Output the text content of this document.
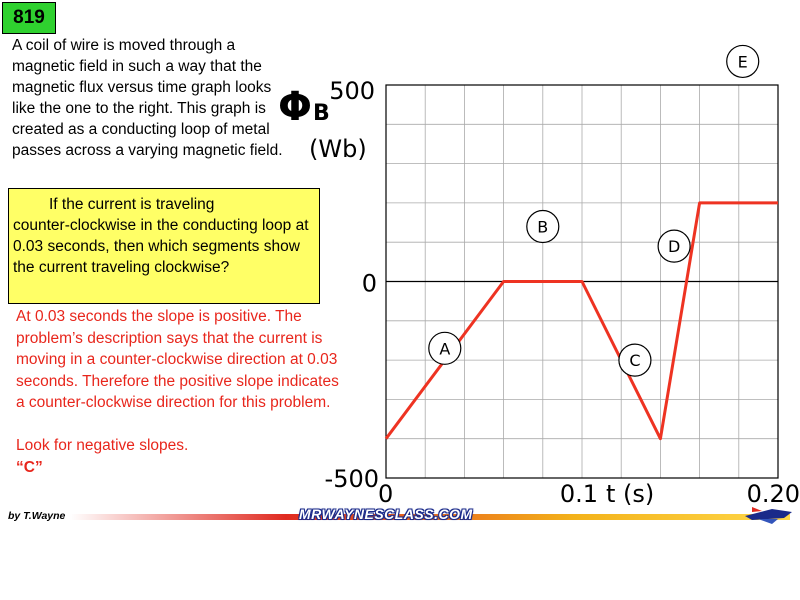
819

A coil of wire is moved through a magnetic field in such a way that the magnetic flux versus time graph looks like the one to the right. This graph is created as a conducting loop of metal passes across a varying magnetic field.

If the current is traveling

counter-clockwise in the conducting loop at 0.03 seconds, then which segments show the current traveling clockwise?

At 0.03 seconds the slope is positive. The problem’s description says that the current is moving in a counter-clockwise direction at 0.03 seconds. Therefore the positive slope indicates a counter-clockwise direction for this problem.

Look for negative slopes.

“C”

A
B
C
D
E
500
0
-500
0	0.1	0.20
Φ B
(Wb)
t (s)
by T.Wayne	MRWAYNESCLASS.COM
